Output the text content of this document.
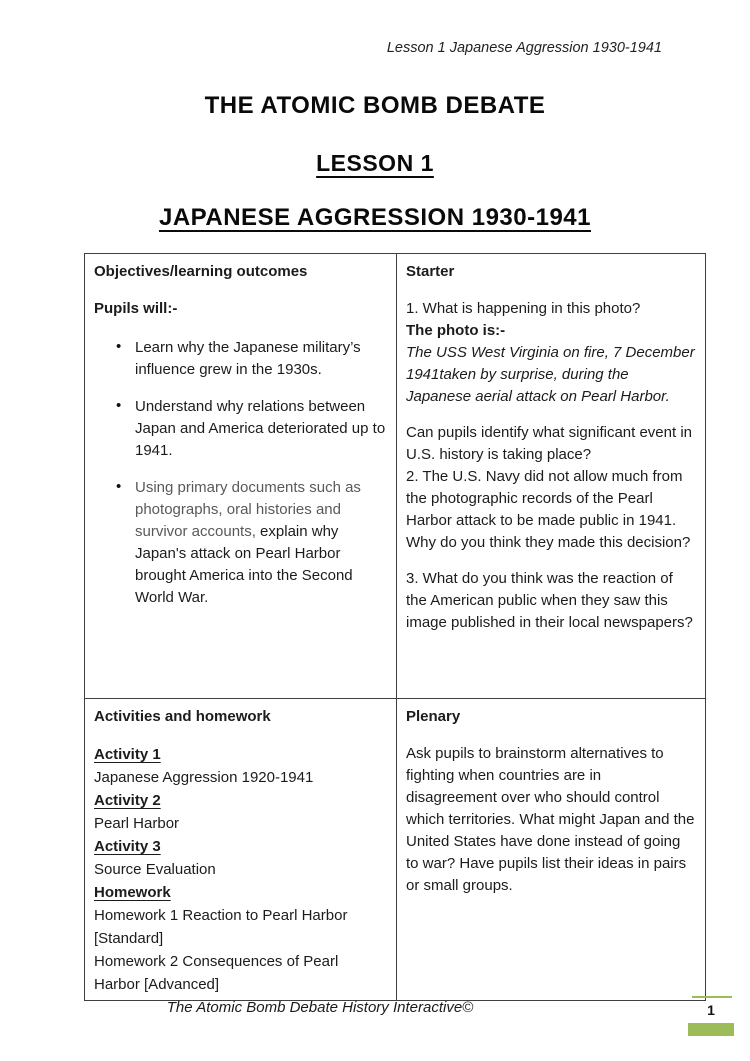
Lesson 1 Japanese Aggression 1930-1941
THE ATOMIC BOMB DEBATE
LESSON 1
JAPANESE AGGRESSION 1930-1941
Objectives/learning outcomes
Pupils will:-
• Learn why the Japanese military’s influence grew in the 1930s.
• Understand why relations between Japan and America deteriorated up to 1941.
• Using primary documents such as photographs, oral histories and survivor accounts, explain why Japan's attack on Pearl Harbor brought America into the Second World War.

Starter

1. What is happening in this photo?

The photo is:-

The USS West Virginia on fire, 7 December 1941taken by surprise, during the Japanese aerial attack on Pearl Harbor.

Can pupils identify what significant event in U.S. history is taking place?

2. The U.S. Navy did not allow much from the photographic records of the Pearl Harbor attack to be made public in 1941. Why do you think they made this decision?

3. What do you think was the reaction of the American public when they saw this image published in their local newspapers?

Activities and homework
Activity 1
Japanese Aggression 1920-1941
Activity 2
Pearl Harbor
Activity 3
Source Evaluation
Homework
Homework 1 Reaction to Pearl Harbor [Standard]
Homework 2 Consequences of Pearl Harbor [Advanced]

Plenary

Ask pupils to brainstorm alternatives to fighting when countries are in disagreement over who should control which territories. What might Japan and the United States have done instead of going to war? Have pupils list their ideas in pairs or small groups.

The Atomic Bomb Debate History Interactive©	1
